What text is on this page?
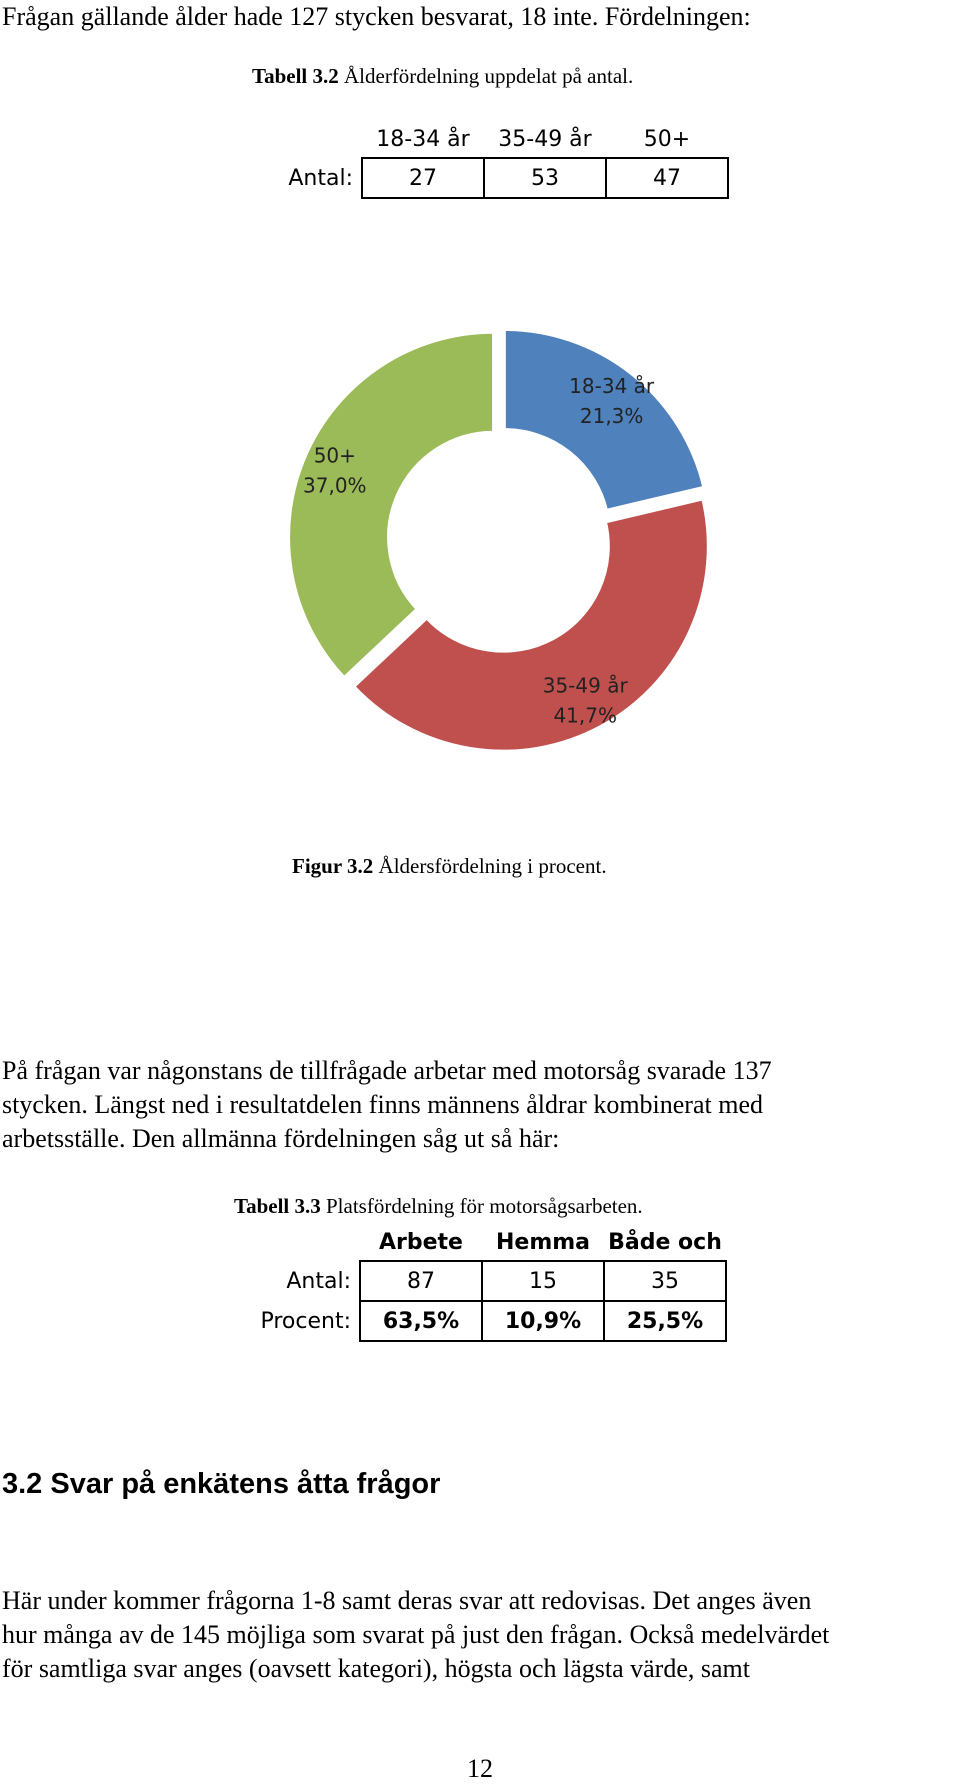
Frågan gällande ålder hade 127 stycken besvarat, 18 inte. Fördelningen:
Tabell 3.2 Ålderfördelning uppdelat på antal.
	18-34 år	35-49 år	50+
Antal:	27	53	47
18-34 år
21,3%
35-49 år
41,7%
50+
37,0%
Figur 3.2 Åldersfördelning i procent.
På frågan var någonstans de tillfrågade arbetar med motorsåg svarade 137
stycken. Längst ned i resultatdelen finns männens åldrar kombinerat med
arbetsställe. Den allmänna fördelningen såg ut så här:
Tabell 3.3 Platsfördelning för motorsågsarbeten.
	Arbete	Hemma	Både och
Antal:	87	15	35
Procent:	63,5%	10,9%	25,5%
3.2 Svar på enkätens åtta frågor
Här under kommer frågorna 1-8 samt deras svar att redovisas. Det anges även
hur många av de 145 möjliga som svarat på just den frågan. Också medelvärdet
för samtliga svar anges (oavsett kategori), högsta och lägsta värde, samt
12
